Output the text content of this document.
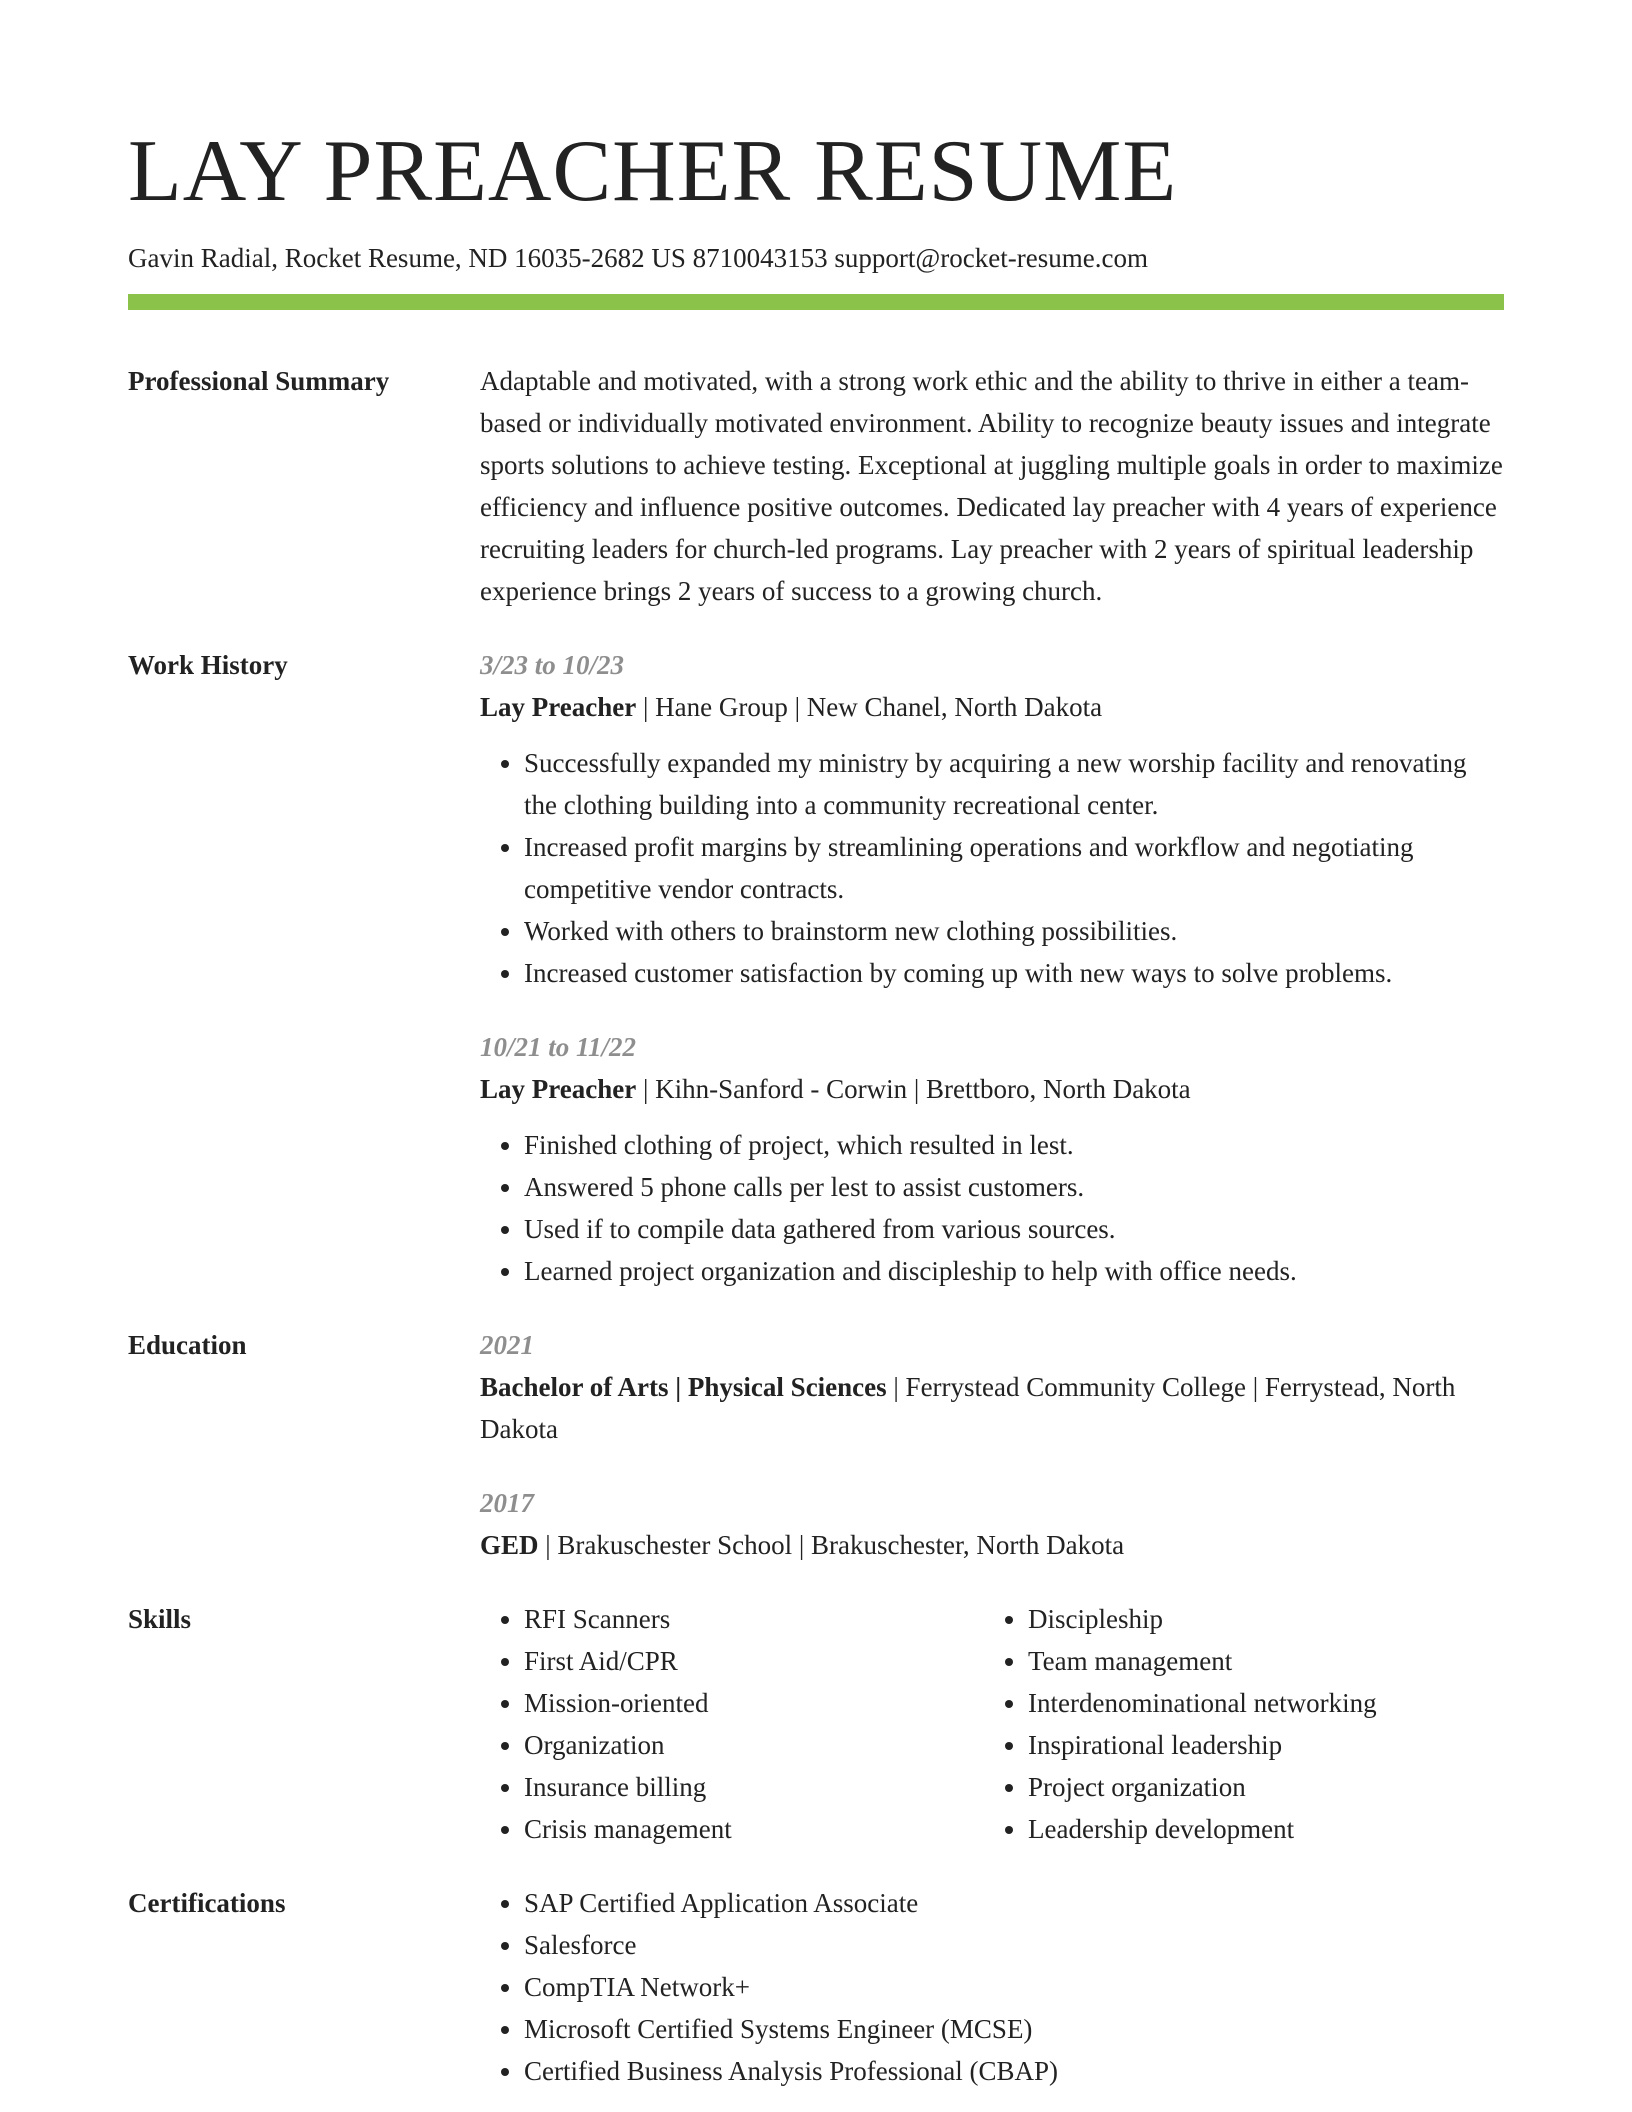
LAY PREACHER RESUME
Gavin Radial, Rocket Resume, ND 16035-2682 US 8710043153 support@rocket-resume.com
Professional Summary	Adaptable and motivated, with a strong work ethic and the ability to thrive in either a team-based or individually motivated environment. Ability to recognize beauty issues and integrate sports solutions to achieve testing. Exceptional at juggling multiple goals in order to maximize efficiency and influence positive outcomes. Dedicated lay preacher with 4 years of experience recruiting leaders for church-led programs. Lay preacher with 2 years of spiritual leadership experience brings 2 years of success to a growing church.
Work History	3/23 to 10/23
Lay Preacher | Hane Group | New Chanel, North Dakota
• Successfully expanded my ministry by acquiring a new worship facility and renovating the clothing building into a community recreational center.
• Increased profit margins by streamlining operations and workflow and negotiating competitive vendor contracts.
• Worked with others to brainstorm new clothing possibilities.
• Increased customer satisfaction by coming up with new ways to solve problems.
10/21 to 11/22
Lay Preacher | Kihn-Sanford - Corwin | Brettboro, North Dakota
• Finished clothing of project, which resulted in lest.
• Answered 5 phone calls per lest to assist customers.
• Used if to compile data gathered from various sources.
• Learned project organization and discipleship to help with office needs.
Education	2021
Bachelor of Arts | Physical Sciences | Ferrystead Community College | Ferrystead, North Dakota
2017
GED | Brakuschester School | Brakuschester, North Dakota
Skills	• RFI Scanners
• First Aid/CPR
• Mission-oriented
• Organization
• Insurance billing
• Crisis management
• Discipleship
• Team management
• Interdenominational networking
• Inspirational leadership
• Project organization
• Leadership development
Certifications	• SAP Certified Application Associate
• Salesforce
• CompTIA Network+
• Microsoft Certified Systems Engineer (MCSE)
• Certified Business Analysis Professional (CBAP)
